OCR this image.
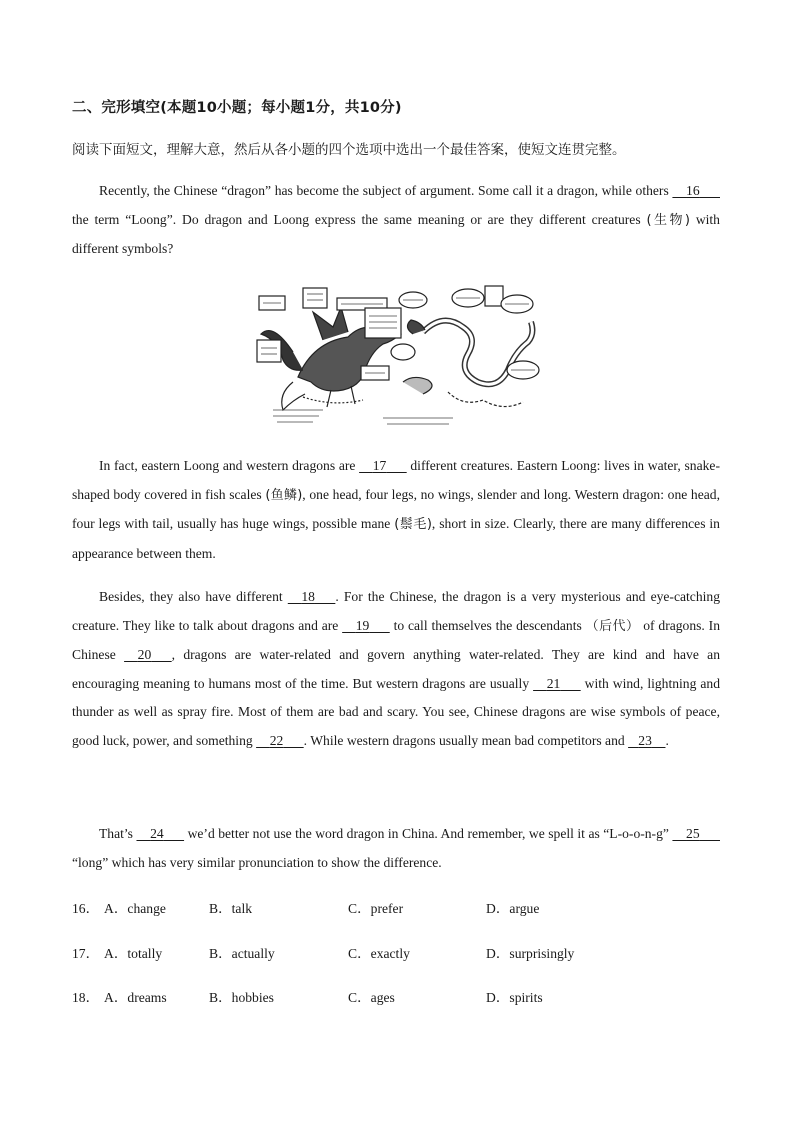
二、完形填空(本题10小题；每小题1分，共10分)
阅读下面短文，理解大意，然后从各小题的四个选项中选出一个最佳答案，使短文连贯完整。

Recently, the Chinese “dragon” has become the subject of argument. Some call it a dragon, while others 16       the term “Loong”. Do dragon and Loong express the same meaning or are they different creatures (生物) with different symbols?

In fact, eastern Loong and western dragons are 17 different creatures. Eastern Loong: lives in water, snake-shaped body covered in fish scales (鱼鳞), one head, four legs, no wings, slender and long. Western dragon: one head, four legs with tail, usually has huge wings, possible mane (鬃毛), short in size. Clearly, there are many differences in appearance between them.

Besides, they also have different 18 . For the Chinese, the dragon is a very mysterious and eye-catching creature. They like to talk about dragons and are 19 to call themselves the descendants （后代） of dragons. In Chinese 20 , dragons are water-related and govern anything water-related. They are kind and have an encouraging meaning to humans most of the time. But western dragons are usually 21 with wind, lightning and thunder as well as spray fire. Most of them are bad and scary. You see, Chinese dragons are wise symbols of peace, good luck, power, and something 22 . While western dragons usually mean bad competitors and 23 .

That’s 24 we’d better not use the word dragon in China. And remember, we spell it as “L-o-o-n-g” 25       “long” which has very similar pronunciation to show the difference.

16． A．change	B．talk	C．prefer	D．argue
17． A．totally	B．actually	C．exactly	D．surprisingly
18． A．dreams	B．hobbies	C．ages	D．spirits
